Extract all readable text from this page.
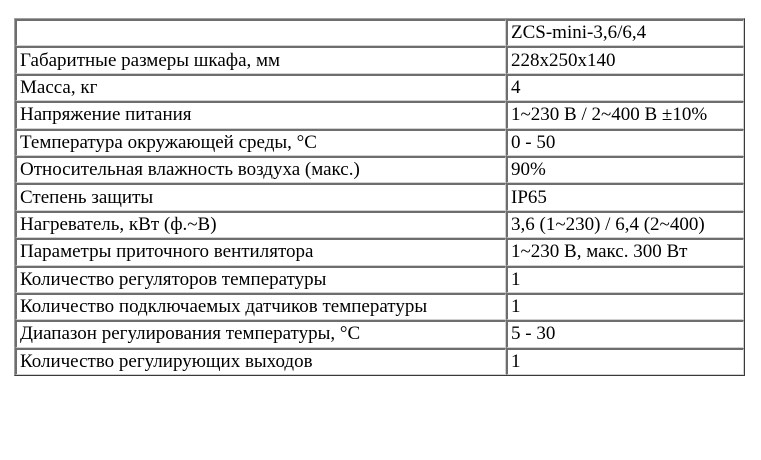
	ZCS-mini-3,6/6,4
Габаритные размеры шкафа, мм	228x250x140
Масса, кг	4
Напряжение питания	1~230 В / 2~400 В ±10%
Температура окружающей среды, °С	0 - 50
Относительная влажность воздуха (макс.)	90%
Степень защиты	IP65
Нагреватель, кВт (ф.~В)	3,6 (1~230) / 6,4 (2~400)
Параметры приточного вентилятора	1~230 В, макс. 300 Вт
Количество регуляторов температуры	1
Количество подключаемых датчиков температуры	1
Диапазон регулирования температуры, °С	5 - 30
Количество регулирующих выходов	1
